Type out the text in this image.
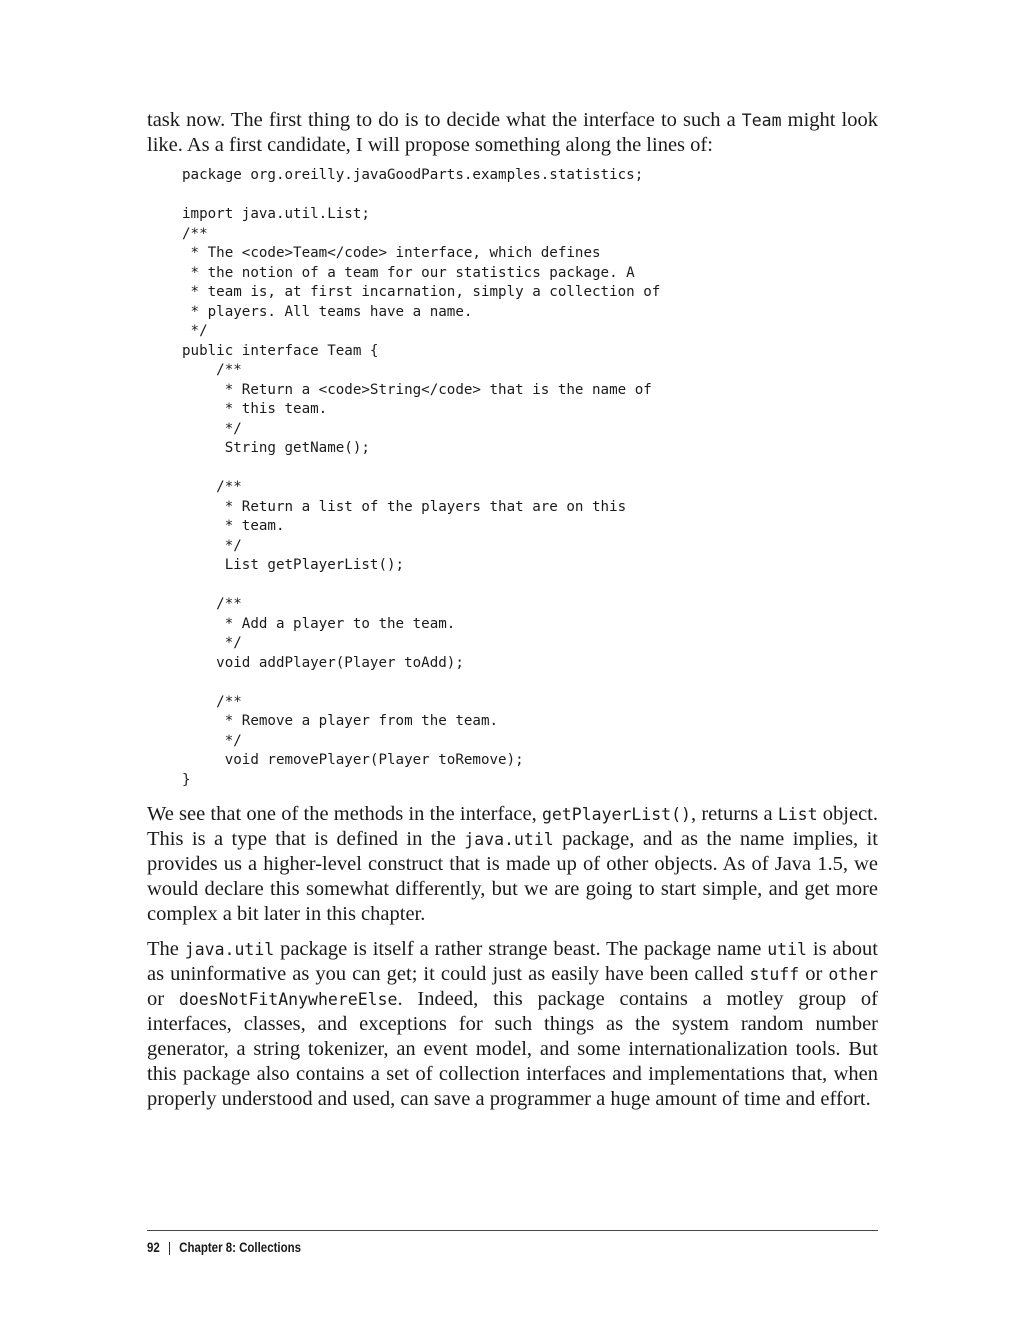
task now. The first thing to do is to decide what the interface to such a Team might look like. As a first candidate, I will propose something along the lines of:

package org.oreilly.javaGoodParts.examples.statistics;

import java.util.List;
/**
* The <code>Team</code> interface, which defines
* the notion of a team for our statistics package. A
* team is, at first incarnation, simply a collection of
* players. All teams have a name.
*/
public interface Team {
/**
* Return a <code>String</code> that is the name of
* this team.
*/
String getName();

/**
* Return a list of the players that are on this
* team.
*/
List getPlayerList();

/**
* Add a player to the team.
*/
void addPlayer(Player toAdd);

/**
* Remove a player from the team.
*/
void removePlayer(Player toRemove);
}

We see that one of the methods in the interface, getPlayerList(), returns a List object. This is a type that is defined in the java.util package, and as the name implies, it provides us a higher-level construct that is made up of other objects. As of Java 1.5, we would declare this somewhat differently, but we are going to start simple, and get more complex a bit later in this chapter.

The java.util package is itself a rather strange beast. The package name util is about as uninformative as you can get; it could just as easily have been called stuff or other or doesNotFitAnywhereElse. Indeed, this package contains a motley group of interfaces, classes, and exceptions for such things as the system random number generator, a string tokenizer, an event model, and some internationalization tools. But this package also contains a set of collection interfaces and implementations that, when properly understood and used, can save a programmer a huge amount of time and effort.

92 | Chapter 8: Collections
